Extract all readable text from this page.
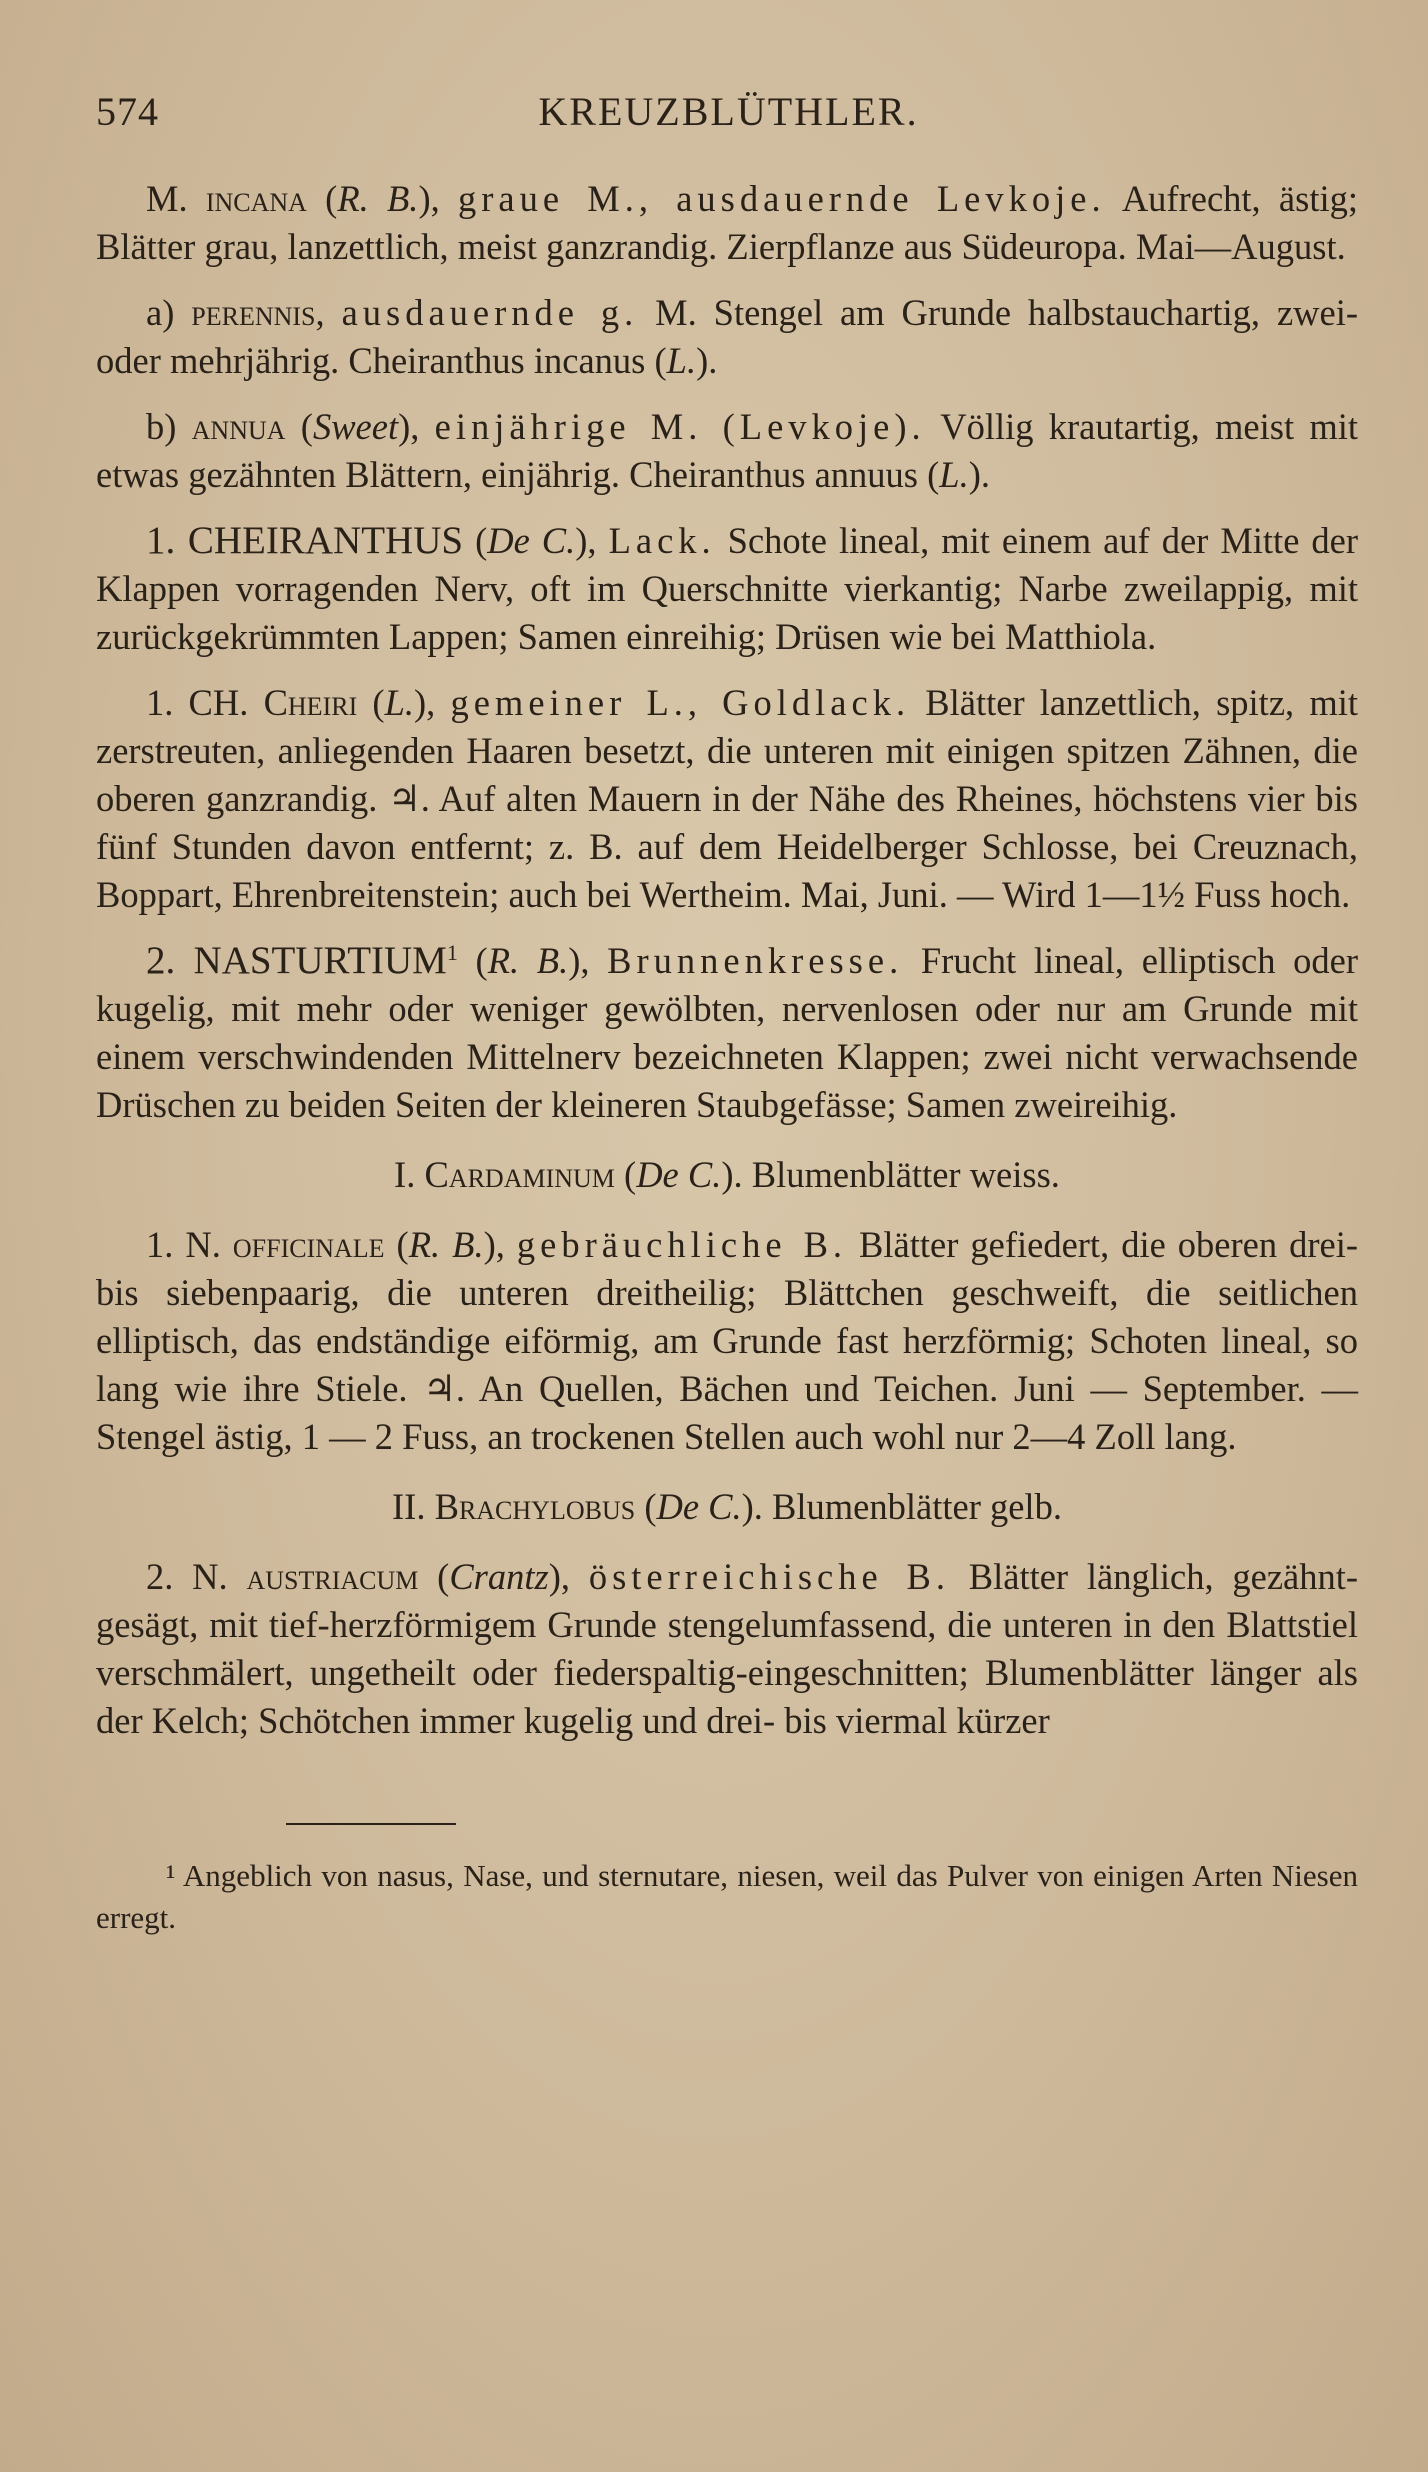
574	KREUZBLÜTHLER.

M. incana (R. B.), graue M., ausdauernde Levkoje. Aufrecht, ästig; Blätter grau, lanzettlich, meist ganzrandig. Zierpflanze aus Südeuropa. Mai—August.

a) perennis, ausdauernde g. M. Stengel am Grunde halbstauchartig, zwei- oder mehrjährig. Cheiranthus incanus (L.).

b) annua (Sweet), einjährige M. (Levkoje). Völlig krautartig, meist mit etwas gezähnten Blättern, einjährig. Cheiranthus annuus (L.).

1. CHEIRANTHUS (De C.), Lack. Schote lineal, mit einem auf der Mitte der Klappen vorragenden Nerv, oft im Querschnitte vierkantig; Narbe zweilappig, mit zurückgekrümmten Lappen; Samen einreihig; Drüsen wie bei Matthiola.

1. CH. Cheiri (L.), gemeiner L., Goldlack. Blätter lanzettlich, spitz, mit zerstreuten, anliegenden Haaren besetzt, die unteren mit einigen spitzen Zähnen, die oberen ganzrandig. ♃. Auf alten Mauern in der Nähe des Rheines, höchstens vier bis fünf Stunden davon entfernt; z. B. auf dem Heidelberger Schlosse, bei Creuznach, Boppart, Ehrenbreitenstein; auch bei Wertheim. Mai, Juni. — Wird 1—1½ Fuss hoch.

2. NASTURTIUM$^1$ (R. B.), Brunnenkresse. Frucht lineal, elliptisch oder kugelig, mit mehr oder weniger gewölbten, nervenlosen oder nur am Grunde mit einem verschwindenden Mittelnerv bezeichneten Klappen; zwei nicht verwachsende Drüschen zu beiden Seiten der kleineren Staubgefässe; Samen zweireihig.

I. Cardaminum (De C.). Blumenblätter weiss.

1. N. officinale (R. B.), gebräuchliche B. Blätter gefiedert, die oberen drei- bis siebenpaarig, die unteren dreitheilig; Blättchen geschweift, die seitlichen elliptisch, das endständige eiförmig, am Grunde fast herzförmig; Schoten lineal, so lang wie ihre Stiele. ♃. An Quellen, Bächen und Teichen. Juni — September. — Stengel ästig, 1 — 2 Fuss, an trockenen Stellen auch wohl nur 2—4 Zoll lang.

II. Brachylobus (De C.). Blumenblätter gelb.

2. N. austriacum (Crantz), österreichische B. Blätter länglich, gezähnt-gesägt, mit tief-herzförmigem Grunde stengelumfassend, die unteren in den Blattstiel verschmälert, ungetheilt oder fiederspaltig-eingeschnitten; Blumenblätter länger als der Kelch; Schötchen immer kugelig und drei- bis viermal kürzer

¹ Angeblich von nasus, Nase, und sternutare, niesen, weil das Pulver von einigen Arten Niesen erregt.
